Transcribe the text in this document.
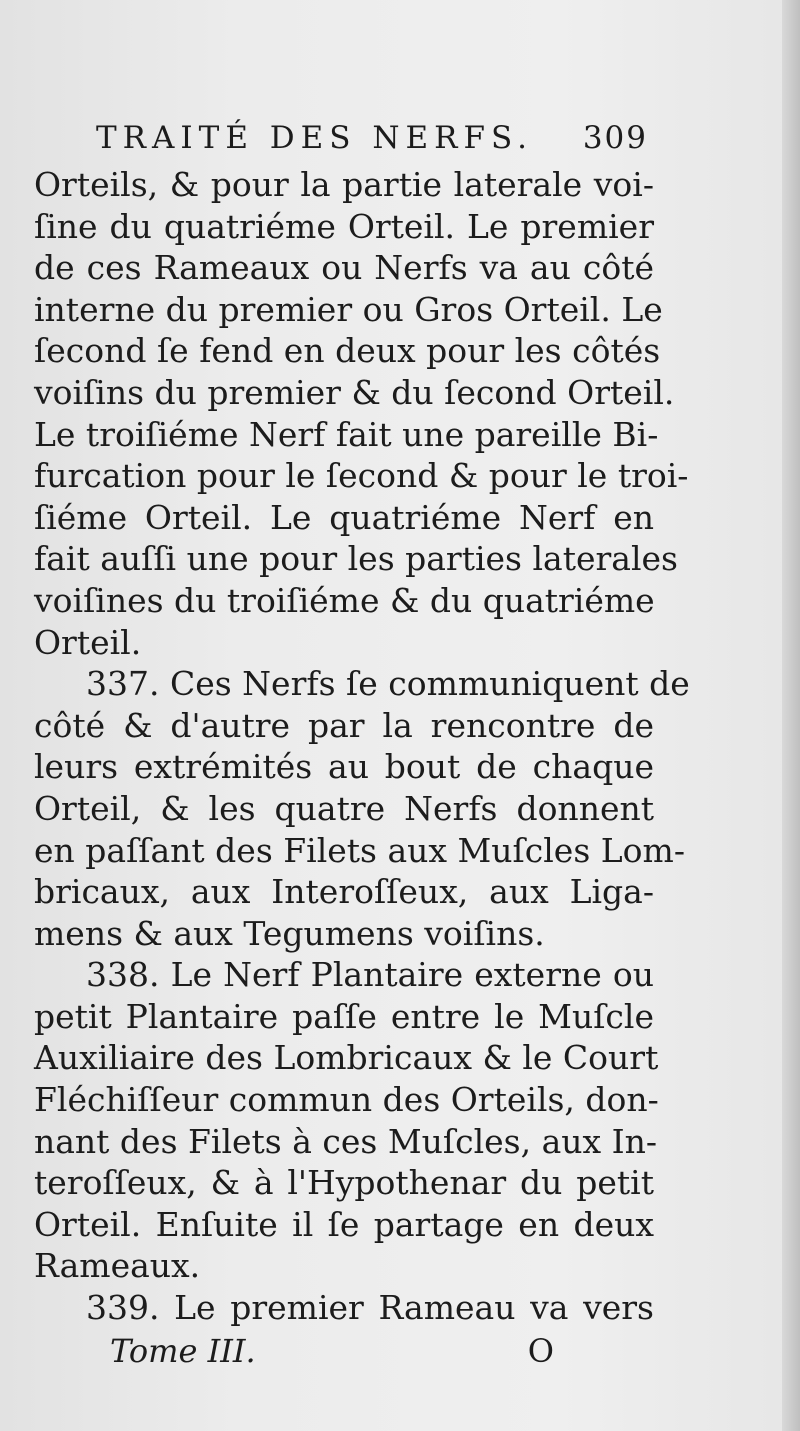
TRAITÉ DES NERFS. 309
Orteils, & pour la partie laterale voi-
ſine du quatriéme Orteil. Le premier
de ces Rameaux ou Nerfs va au côté
interne du premier ou Gros Orteil. Le
ſecond ſe fend en deux pour les côtés
voiſins du premier & du ſecond Orteil.
Le troiſiéme Nerf fait une pareille Bi-
furcation pour le ſecond & pour le troi-
ſiéme Orteil. Le quatriéme Nerf en
fait auſſi une pour les parties laterales
voiſines du troiſiéme & du quatriéme
Orteil.
337. Ces Nerfs ſe communiquent de
côté & d'autre par la rencontre de
leurs extrémités au bout de chaque
Orteil, & les quatre Nerfs donnent
en paſſant des Filets aux Muſcles Lom-
bricaux, aux Interoſſeux, aux Liga-
mens & aux Tegumens voiſins.
338. Le Nerf Plantaire externe ou
petit Plantaire paſſe entre le Muſcle
Auxiliaire des Lombricaux & le Court
Fléchiſſeur commun des Orteils, don-
nant des Filets à ces Muſcles, aux In-
teroſſeux, & à l'Hypothenar du petit
Orteil. Enſuite il ſe partage en deux
Rameaux.
339. Le premier Rameau va vers
Tome III.	O
